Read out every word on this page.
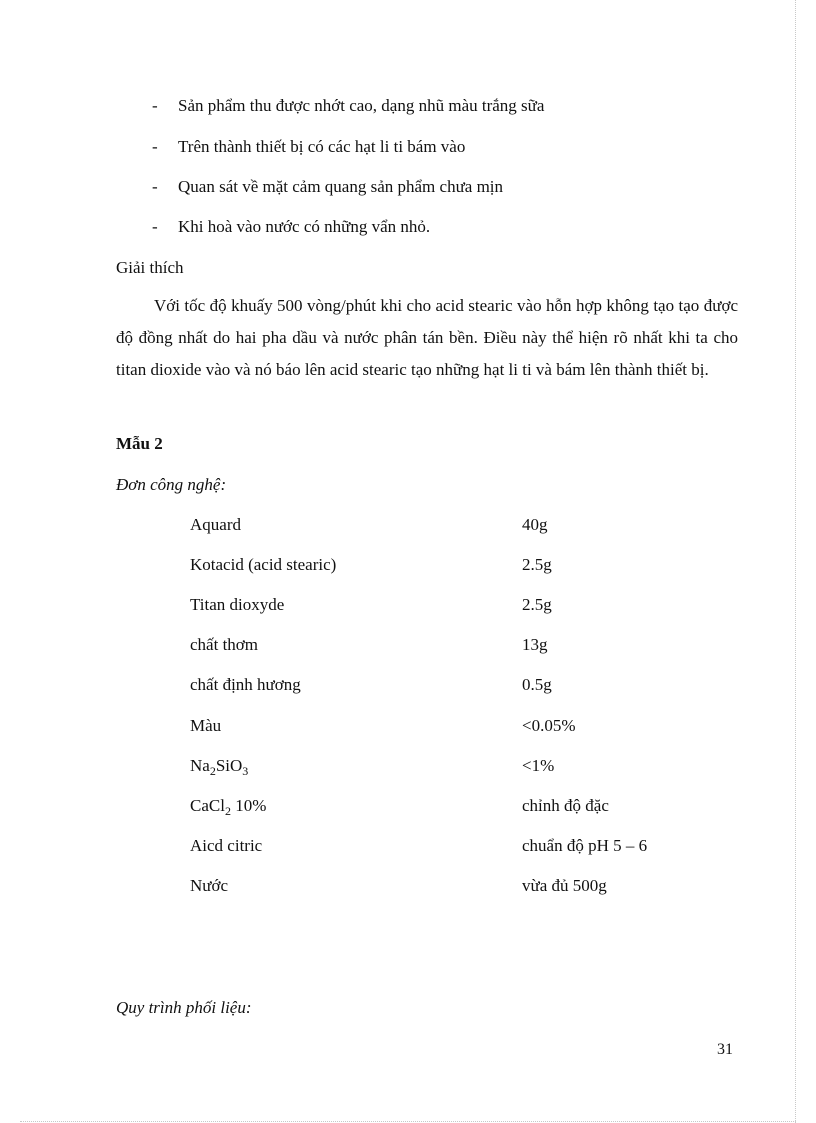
- Sản phẩm thu được nhớt cao, dạng nhũ màu trắng sữa
- Trên thành thiết bị có các hạt li ti bám vào
- Quan sát về mặt cảm quang sản phẩm chưa mịn
- Khi hoà vào nước có những vẩn nhỏ.
Giải thích
Với tốc độ khuấy 500 vòng/phút khi cho acid stearic vào hỗn hợp không tạo tạo được độ đồng nhất do hai pha dầu và nước phân tán bền. Điều này thể hiện rõ nhất khi ta cho titan dioxide vào và nó báo lên acid stearic tạo những hạt li ti và bám lên thành thiết bị.
Mẫu 2
Đơn công nghệ:
Aquard	40g
Kotacid (acid stearic)	2.5g
Titan dioxyde	2.5g
chất thơm	13g
chất định hương	0.5g
Màu	<0.05%
$Na_2SiO_3$	<1%
CaCl$_2$ 10%	chỉnh độ đặc
Aicd citric	chuẩn độ pH 5 – 6
Nước	vừa đủ 500g
Quy trình phối liệu:
31
